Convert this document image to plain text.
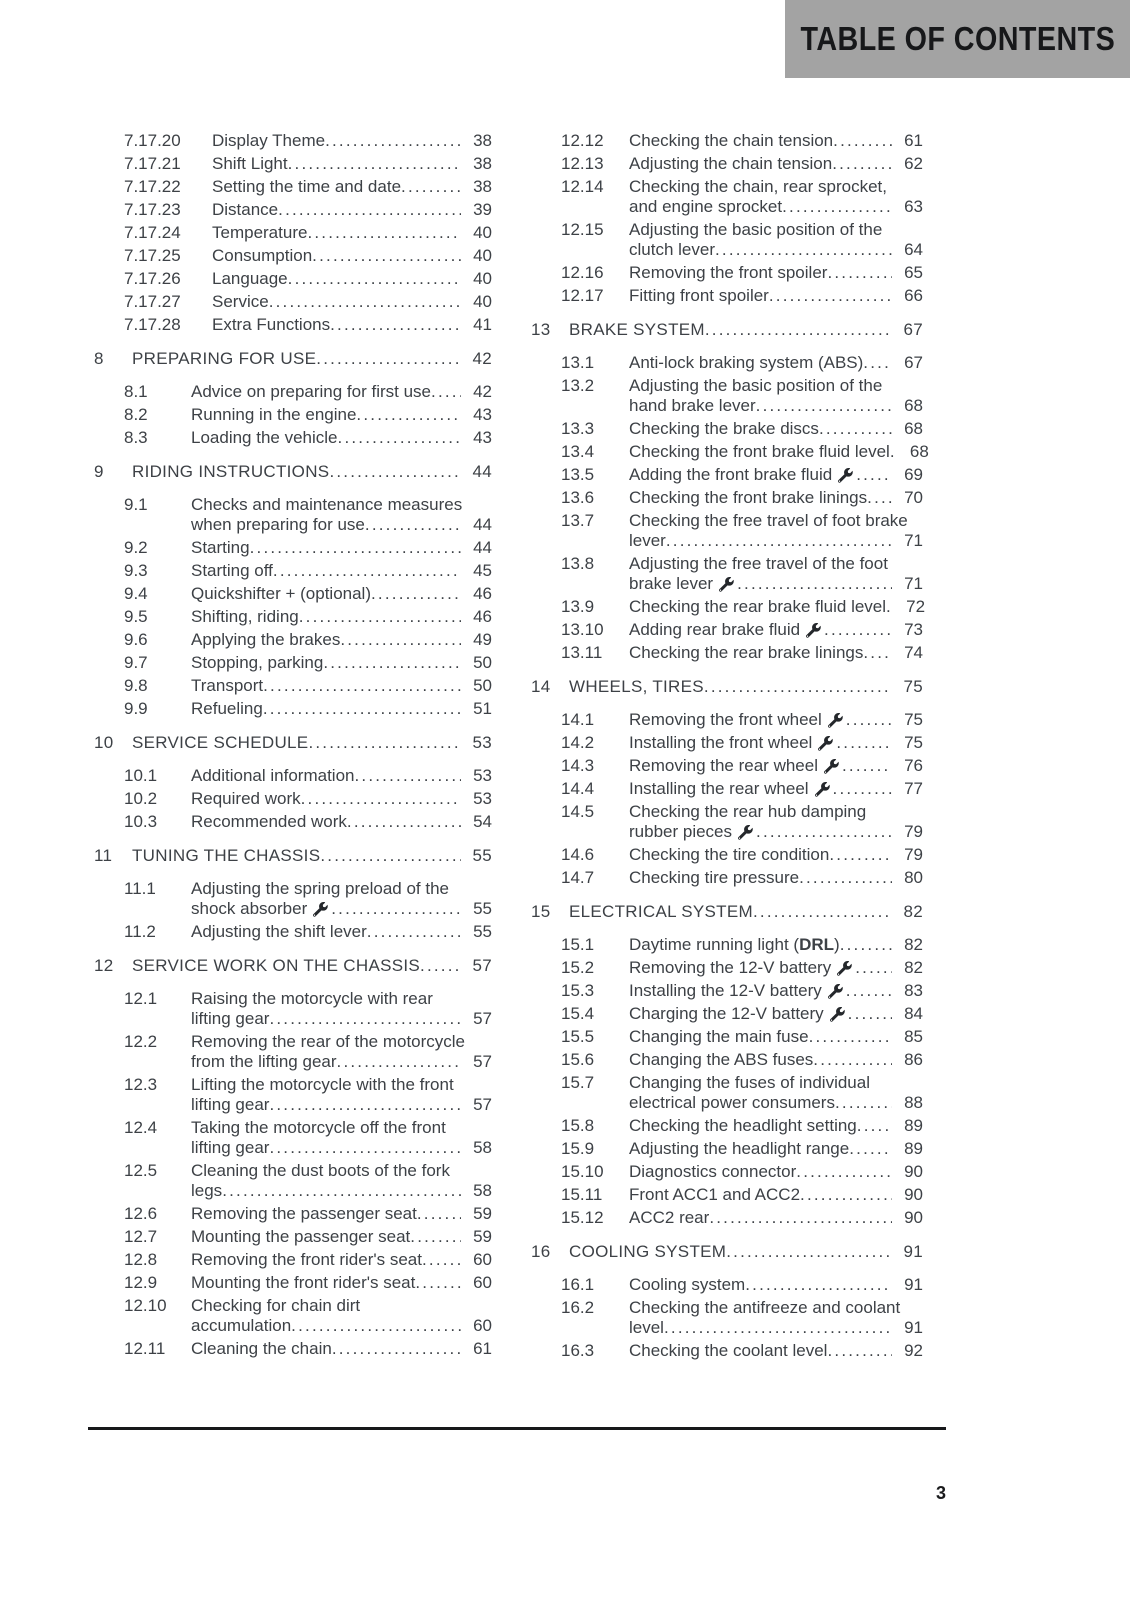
TABLE OF CONTENTS
7.17.20	Display Theme .....	38
7.17.21	Shift Light .....	38
7.17.22	Setting the time and date .....	38
7.17.23	Distance .....	39
7.17.24	Temperature .....	40
7.17.25	Consumption .....	40
7.17.26	Language .....	40
7.17.27	Service .....	40
7.17.28	Extra Functions .....	41
8	PREPARING FOR USE .....	42
8.1	Advice on preparing for first use .....	42
8.2	Running in the engine .....	43
8.3	Loading the vehicle .....	43
9	RIDING INSTRUCTIONS .....	44
9.1	Checks and maintenance measures
when preparing for use .....	44
9.2	Starting .....	44
9.3	Starting off .....	45
9.4	Quickshifter + (optional) .....	46
9.5	Shifting, riding .....	46
9.6	Applying the brakes .....	49
9.7	Stopping, parking .....	50
9.8	Transport .....	50
9.9	Refueling .....	51
10	SERVICE SCHEDULE .....	53
10.1	Additional information .....	53
10.2	Required work .....	53
10.3	Recommended work .....	54
11	TUNING THE CHASSIS .....	55
11.1	Adjusting the spring preload of the
shock absorber .....	55
11.2	Adjusting the shift lever .....	55
12	SERVICE WORK ON THE CHASSIS .....	57
12.1	Raising the motorcycle with rear
lifting gear .....	57
12.2	Removing the rear of the motorcycle
from the lifting gear .....	57
12.3	Lifting the motorcycle with the front
lifting gear .....	57
12.4	Taking the motorcycle off the front
lifting gear .....	58
12.5	Cleaning the dust boots of the fork
legs .....	58
12.6	Removing the passenger seat .....	59
12.7	Mounting the passenger seat .....	59
12.8	Removing the front rider's seat .....	60
12.9	Mounting the front rider's seat .....	60
12.10	Checking for chain dirt
accumulation .....	60
12.11	Cleaning the chain .....	61
12.12	Checking the chain tension .....	61
12.13	Adjusting the chain tension .....	62
12.14	Checking the chain, rear sprocket,
and engine sprocket .....	63
12.15	Adjusting the basic position of the
clutch lever .....	64
12.16	Removing the front spoiler .....	65
12.17	Fitting front spoiler .....	66
13	BRAKE SYSTEM .....	67
13.1	Anti-lock braking system (ABS) .....	67
13.2	Adjusting the basic position of the
hand brake lever .....	68
13.3	Checking the brake discs .....	68
13.4	Checking the front brake fluid level .....	68
13.5	Adding the front brake fluid .....	69
13.6	Checking the front brake linings .....	70
13.7	Checking the free travel of foot brake
lever .....	71
13.8	Adjusting the free travel of the foot
brake lever .....	71
13.9	Checking the rear brake fluid level .....	72
13.10	Adding rear brake fluid .....	73
13.11	Checking the rear brake linings .....	74
14	WHEELS, TIRES .....	75
14.1	Removing the front wheel .....	75
14.2	Installing the front wheel .....	75
14.3	Removing the rear wheel .....	76
14.4	Installing the rear wheel .....	77
14.5	Checking the rear hub damping
rubber pieces .....	79
14.6	Checking the tire condition .....	79
14.7	Checking tire pressure .....	80
15	ELECTRICAL SYSTEM .....	82
15.1	Daytime running light (DRL) .....	82
15.2	Removing the 12-V battery .....	82
15.3	Installing the 12-V battery .....	83
15.4	Charging the 12-V battery .....	84
15.5	Changing the main fuse .....	85
15.6	Changing the ABS fuses .....	86
15.7	Changing the fuses of individual
electrical power consumers .....	88
15.8	Checking the headlight setting .....	89
15.9	Adjusting the headlight range .....	89
15.10	Diagnostics connector .....	90
15.11	Front ACC1 and ACC2 .....	90
15.12	ACC2 rear .....	90
16	COOLING SYSTEM .....	91
16.1	Cooling system .....	91
16.2	Checking the antifreeze and coolant
level .....	91
16.3	Checking the coolant level .....	92
3
